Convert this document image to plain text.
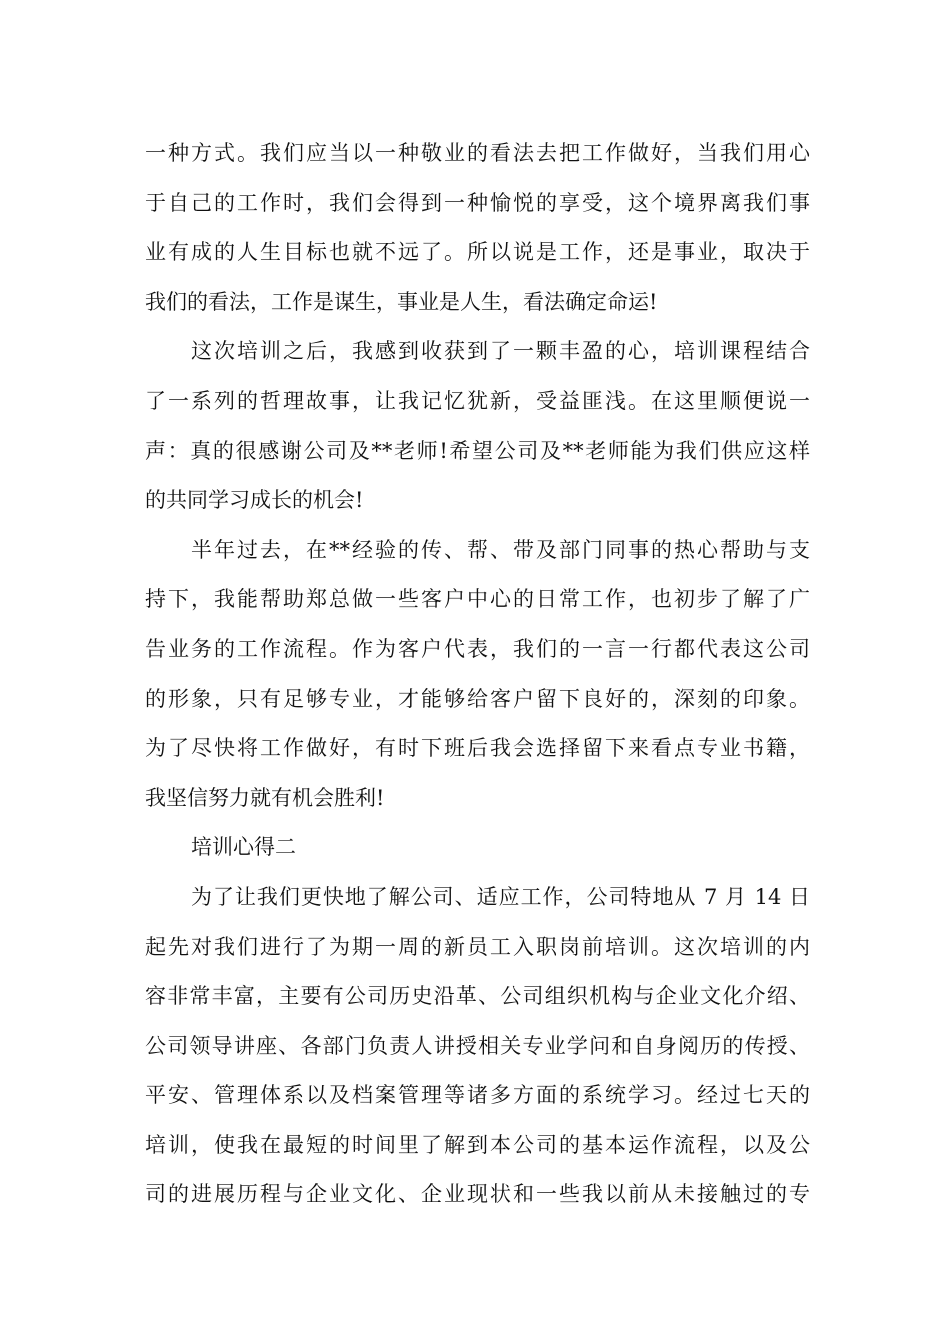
一种方式。我们应当以一种敬业的看法去把工作做好，当我们用心
于自己的工作时，我们会得到一种愉悦的享受，这个境界离我们事
业有成的人生目标也就不远了。所以说是工作，还是事业，取决于
我们的看法，工作是谋生，事业是人生，看法确定命运!
这次培训之后，我感到收获到了一颗丰盈的心，培训课程结合
了一系列的哲理故事，让我记忆犹新，受益匪浅。在这里顺便说一
声：真的很感谢公司及**老师!希望公司及**老师能为我们供应这样
的共同学习成长的机会!
半年过去，在**经验的传、帮、带及部门同事的热心帮助与支
持下，我能帮助郑总做一些客户中心的日常工作，也初步了解了广
告业务的工作流程。作为客户代表，我们的一言一行都代表这公司
的形象，只有足够专业，才能够给客户留下良好的，深刻的印象。
为了尽快将工作做好，有时下班后我会选择留下来看点专业书籍，
我坚信努力就有机会胜利!
培训心得二
为了让我们更快地了解公司、适应工作，公司特地从 7 月 14 日
起先对我们进行了为期一周的新员工入职岗前培训。这次培训的内
容非常丰富，主要有公司历史沿革、公司组织机构与企业文化介绍、
公司领导讲座、各部门负责人讲授相关专业学问和自身阅历的传授、
平安、管理体系以及档案管理等诸多方面的系统学习。经过七天的
培训，使我在最短的时间里了解到本公司的基本运作流程，以及公
司的进展历程与企业文化、企业现状和一些我以前从未接触过的专
